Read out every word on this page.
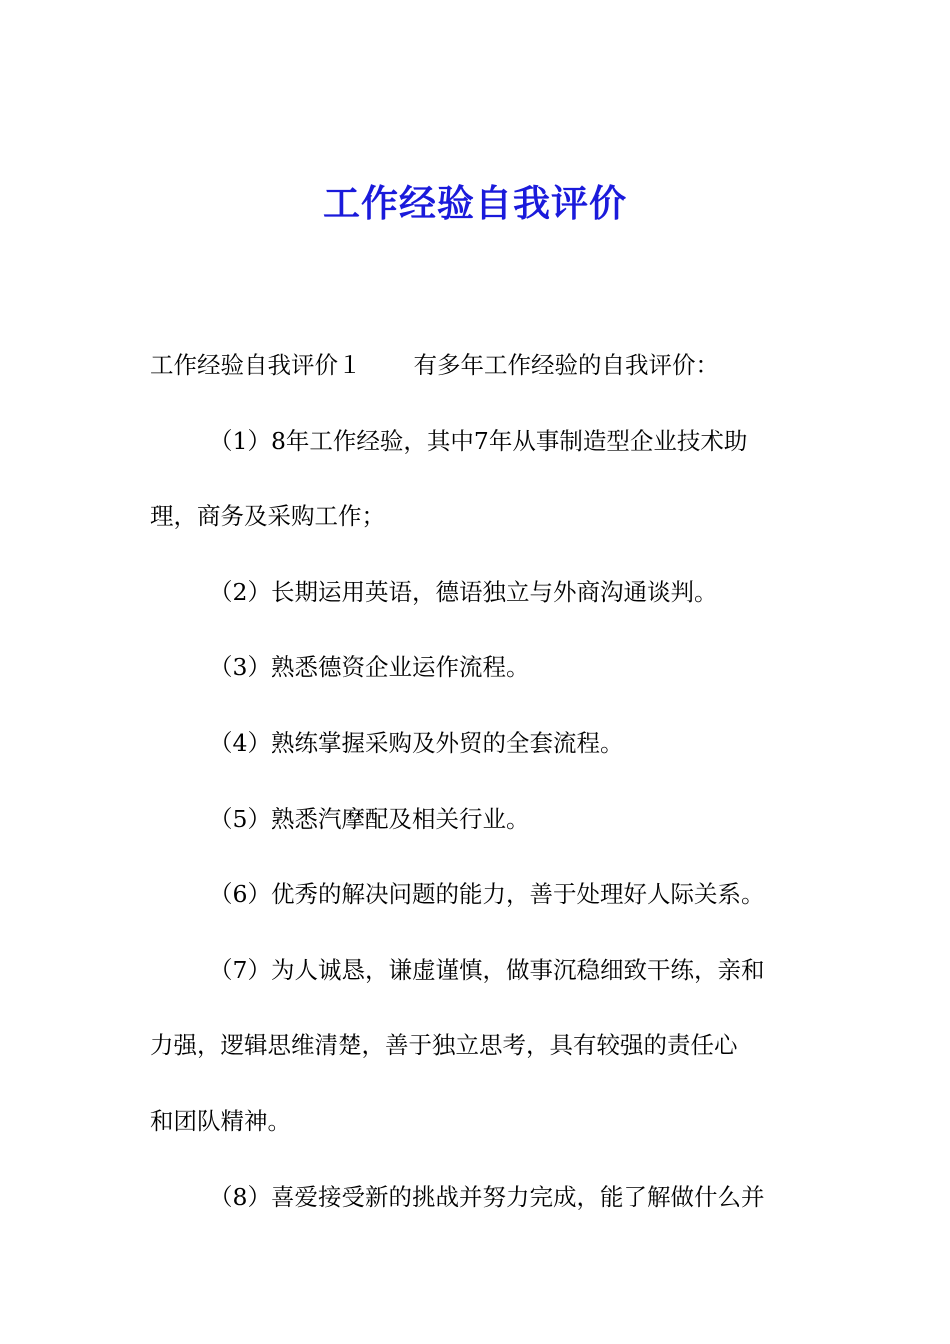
工作经验自我评价
工作经验自我评价１ 有多年工作经验的自我评价：
（1）8年工作经验，其中7年从事制造型企业技术助
理，商务及采购工作；
（2）长期运用英语，德语独立与外商沟通谈判。
（3）熟悉德资企业运作流程。
（4）熟练掌握采购及外贸的全套流程。
（5）熟悉汽摩配及相关行业。
（6）优秀的解决问题的能力，善于处理好人际关系。
（7）为人诚恳，谦虚谨慎，做事沉稳细致干练，亲和
力强，逻辑思维清楚，善于独立思考，具有较强的责任心
和团队精神。
（8）喜爱接受新的挑战并努力完成，能了解做什么并
